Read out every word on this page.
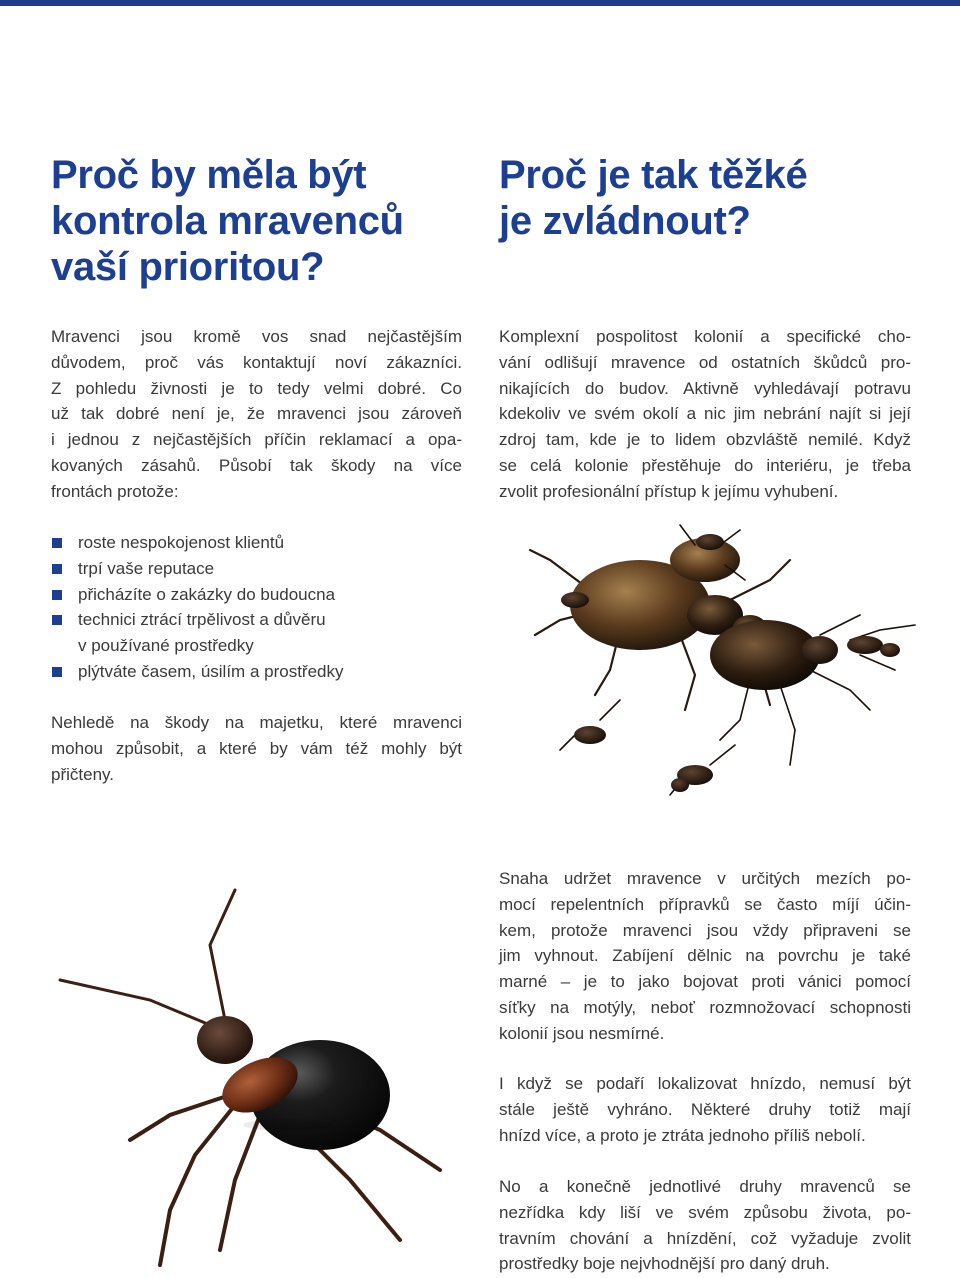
Proč by měla být
kontrola mravenců
vaší prioritou?
Proč je tak těžké
je zvládnout?
Mravenci jsou kromě vos snad nejčastějším
důvodem, proč vás kontaktují noví zákazníci.
Z pohledu živnosti je to tedy velmi dobré. Co
už tak dobré není je, že mravenci jsou zároveň
i jednou z nejčastějších příčin reklamací a opa-
kovaných zásahů. Působí tak škody na více
frontách protože:
roste nespokojenost klientů
trpí vaše reputace
přicházíte o zakázky do budoucna
technici ztrácí trpělivost a důvěru
v používané prostředky
plýtváte časem, úsilím a prostředky
Nehledě na škody na majetku, které mravenci
mohou způsobit, a které by vám též mohly být
přičteny.
Komplexní pospolitost kolonií a specifické cho-
vání odlišují mravence od ostatních škůdců pro-
nikajících do budov. Aktivně vyhledávají potravu
kdekoliv ve svém okolí a nic jim nebrání najít si její
zdroj tam, kde je to lidem obzvláště nemilé. Když
se celá kolonie přestěhuje do interiéru, je třeba
zvolit profesionální přístup k jejímu vyhubení.
Snaha udržet mravence v určitých mezích po-
mocí repelentních přípravků se často míjí účin-
kem, protože mravenci jsou vždy připraveni se
jim vyhnout. Zabíjení dělnic na povrchu je také
marné – je to jako bojovat proti vánici pomocí
síťky na motýly, neboť rozmnožovací schopnosti
kolonií jsou nesmírné.
I když se podaří lokalizovat hnízdo, nemusí být
stále ještě vyhráno. Některé druhy totiž mají
hnízd více, a proto je ztráta jednoho příliš nebolí.
No a konečně jednotlivé druhy mravenců se
nezřídka kdy liší ve svém způsobu života, po-
travním chování a hnízdění, což vyžaduje zvolit
prostředky boje nejvhodnější pro daný druh.
